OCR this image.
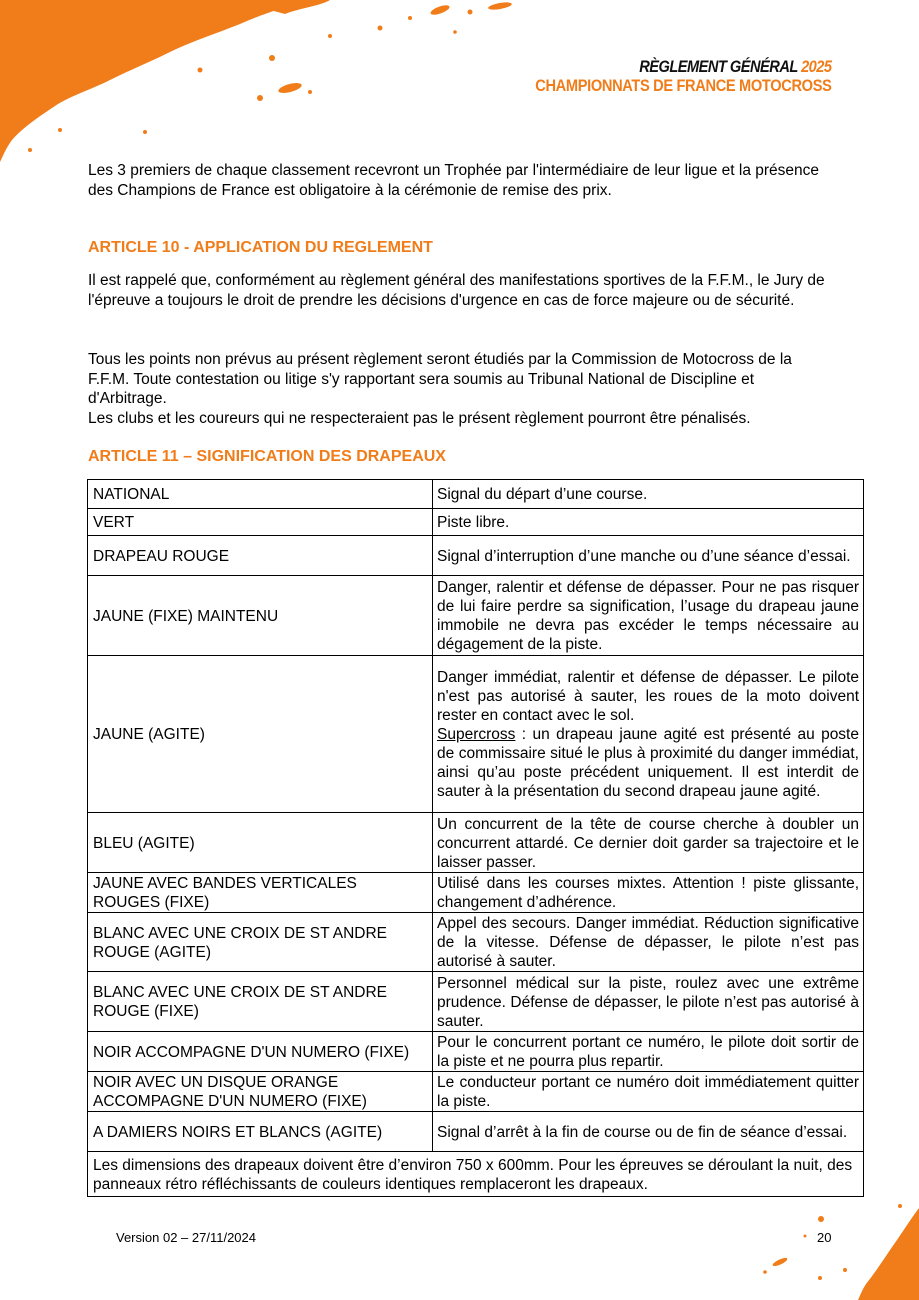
RÈGLEMENT GÉNÉRAL 2025
CHAMPIONNATS DE FRANCE MOTOCROSS

Les 3 premiers de chaque classement recevront un Trophée par l'intermédiaire de leur ligue et la présence des Champions de France est obligatoire à la cérémonie de remise des prix.

ARTICLE 10 - APPLICATION DU REGLEMENT

Il est rappelé que, conformément au règlement général des manifestations sportives de la F.F.M., le Jury de l'épreuve a toujours le droit de prendre les décisions d'urgence en cas de force majeure ou de sécurité.

Tous les points non prévus au présent règlement seront étudiés par la Commission de Motocross de la F.F.M. Toute contestation ou litige s'y rapportant sera soumis au Tribunal National de Discipline et d'Arbitrage.

Les clubs et les coureurs qui ne respecteraient pas le présent règlement pourront être pénalisés.

ARTICLE 11 – SIGNIFICATION DES DRAPEAUX
NATIONAL	Signal du départ d’une course.
VERT	Piste libre.
DRAPEAU ROUGE	Signal d’interruption d’une manche ou d’une séance d’essai.
JAUNE (FIXE) MAINTENU	Danger, ralentir et défense de dépasser. Pour ne pas risquer de lui faire perdre sa signification, l’usage du drapeau jaune immobile ne devra pas excéder le temps nécessaire au dégagement de la piste.
JAUNE (AGITE)	Danger immédiat, ralentir et défense de dépasser. Le pilote n'est pas autorisé à sauter, les roues de la moto doivent rester en contact avec le sol.
Supercross : un drapeau jaune agité est présenté au poste de commissaire situé le plus à proximité du danger immédiat, ainsi qu’au poste précédent uniquement. Il est interdit de sauter à la présentation du second drapeau jaune agité.
BLEU (AGITE)	Un concurrent de la tête de course cherche à doubler un concurrent attardé. Ce dernier doit garder sa trajectoire et le laisser passer.
JAUNE AVEC BANDES VERTICALES ROUGES (FIXE)	Utilisé dans les courses mixtes. Attention ! piste glissante, changement d’adhérence.
BLANC AVEC UNE CROIX DE ST ANDRE ROUGE (AGITE)	Appel des secours. Danger immédiat. Réduction significative de la vitesse. Défense de dépasser, le pilote n’est pas autorisé à sauter.
BLANC AVEC UNE CROIX DE ST ANDRE ROUGE (FIXE)	Personnel médical sur la piste, roulez avec une extrême prudence. Défense de dépasser, le pilote n’est pas autorisé à sauter.
NOIR ACCOMPAGNE D'UN NUMERO (FIXE)	Pour le concurrent portant ce numéro, le pilote doit sortir de la piste et ne pourra plus repartir.
NOIR AVEC UN DISQUE ORANGE ACCOMPAGNE D'UN NUMERO (FIXE)	Le conducteur portant ce numéro doit immédiatement quitter la piste.
A DAMIERS NOIRS ET BLANCS (AGITE)	Signal d’arrêt à la fin de course ou de fin de séance d’essai.
Les dimensions des drapeaux doivent être d’environ 750 x 600mm. Pour les épreuves se déroulant la nuit, des panneaux rétro réfléchissants de couleurs identiques remplaceront les drapeaux.	
Version 02 – 27/11/2024	20
